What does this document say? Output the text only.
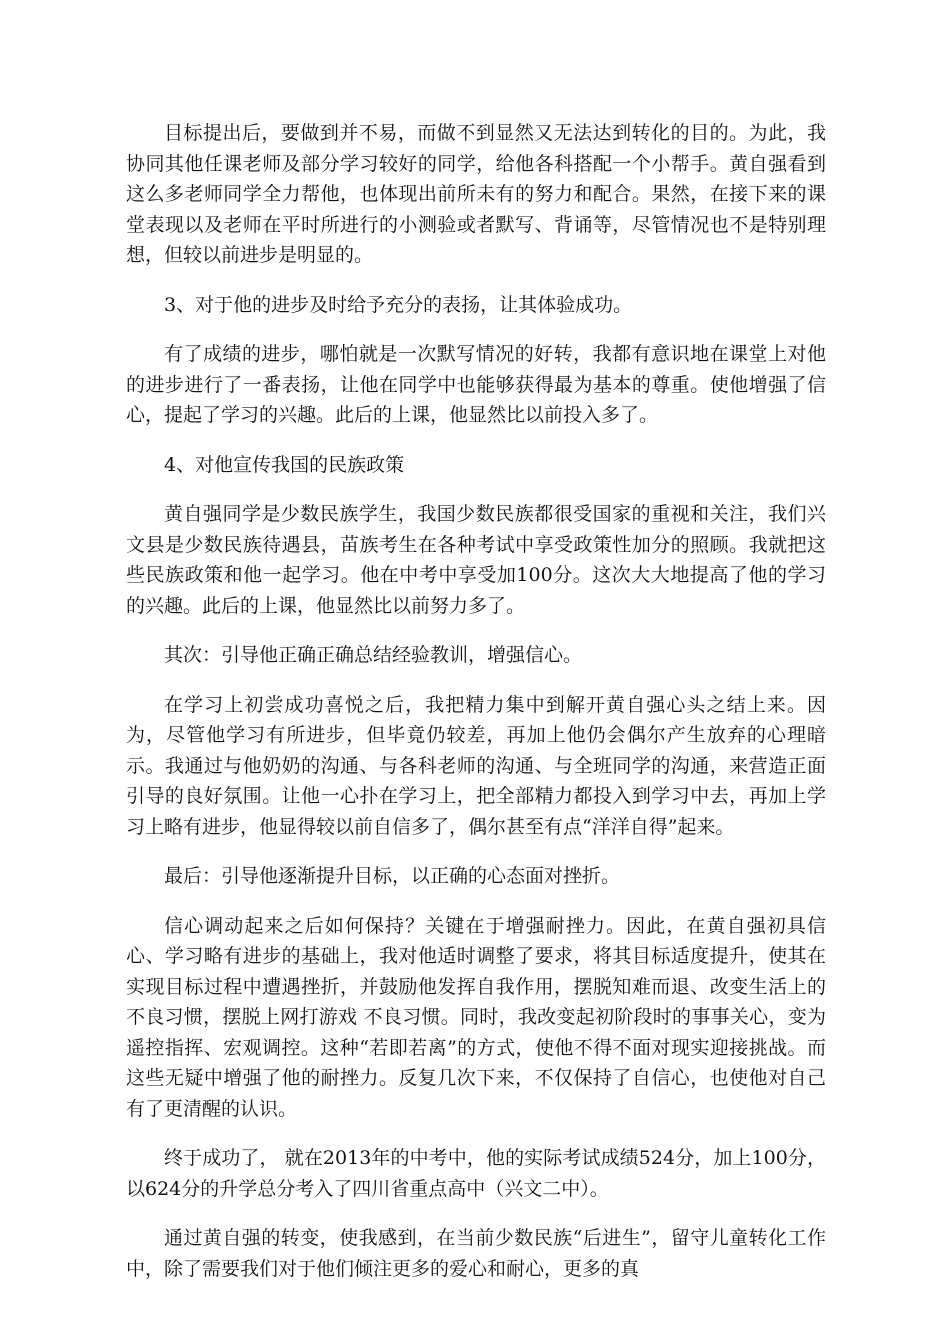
目标提出后，要做到并不易，而做不到显然又无法达到转化的目的。为此，我协同其他任课老师及部分学习较好的同学，给他各科搭配一个小帮手。黄自强看到这么多老师同学全力帮他，也体现出前所未有的努力和配合。果然，在接下来的课堂表现以及老师在平时所进行的小测验或者默写、背诵等，尽管情况也不是特别理想，但较以前进步是明显的。

3、对于他的进步及时给予充分的表扬，让其体验成功。

有了成绩的进步，哪怕就是一次默写情况的好转，我都有意识地在课堂上对他的进步进行了一番表扬，让他在同学中也能够获得最为基本的尊重。使他增强了信心，提起了学习的兴趣。此后的上课，他显然比以前投入多了。

4、对他宣传我国的民族政策

黄自强同学是少数民族学生，我国少数民族都很受国家的重视和关注，我们兴文县是少数民族待遇县，苗族考生在各种考试中享受政策性加分的照顾。我就把这些民族政策和他一起学习。他在中考中享受加100分。这次大大地提高了他的学习的兴趣。此后的上课，他显然比以前努力多了。

其次：引导他正确正确总结经验教训，增强信心。

在学习上初尝成功喜悦之后，我把精力集中到解开黄自强心头之结上来。因为，尽管他学习有所进步，但毕竟仍较差，再加上他仍会偶尔产生放弃的心理暗示。我通过与他奶奶的沟通、与各科老师的沟通、与全班同学的沟通，来营造正面引导的良好氛围。让他一心扑在学习上，把全部精力都投入到学习中去，再加上学习上略有进步，他显得较以前自信多了，偶尔甚至有点“洋洋自得”起来。

最后：引导他逐渐提升目标，以正确的心态面对挫折。

信心调动起来之后如何保持？关键在于增强耐挫力。因此，在黄自强初具信心、学习略有进步的基础上，我对他适时调整了要求，将其目标适度提升，使其在实现目标过程中遭遇挫折，并鼓励他发挥自我作用，摆脱知难而退、改变生活上的不良习惯，摆脱上网打游戏 不良习惯。同时，我改变起初阶段时的事事关心，变为遥控指挥、宏观调控。这种“若即若离”的方式，使他不得不面对现实迎接挑战。而这些无疑中增强了他的耐挫力。反复几次下来，不仅保持了自信心，也使他对自己有了更清醒的认识。

终于成功了， 就在2013年的中考中，他的实际考试成绩524分，加上100分，以624分的升学总分考入了四川省重点高中（兴文二中）。

通过黄自强的转变，使我感到，在当前少数民族“后进生”，留守儿童转化工作中，除了需要我们对于他们倾注更多的爱心和耐心，更多的真
